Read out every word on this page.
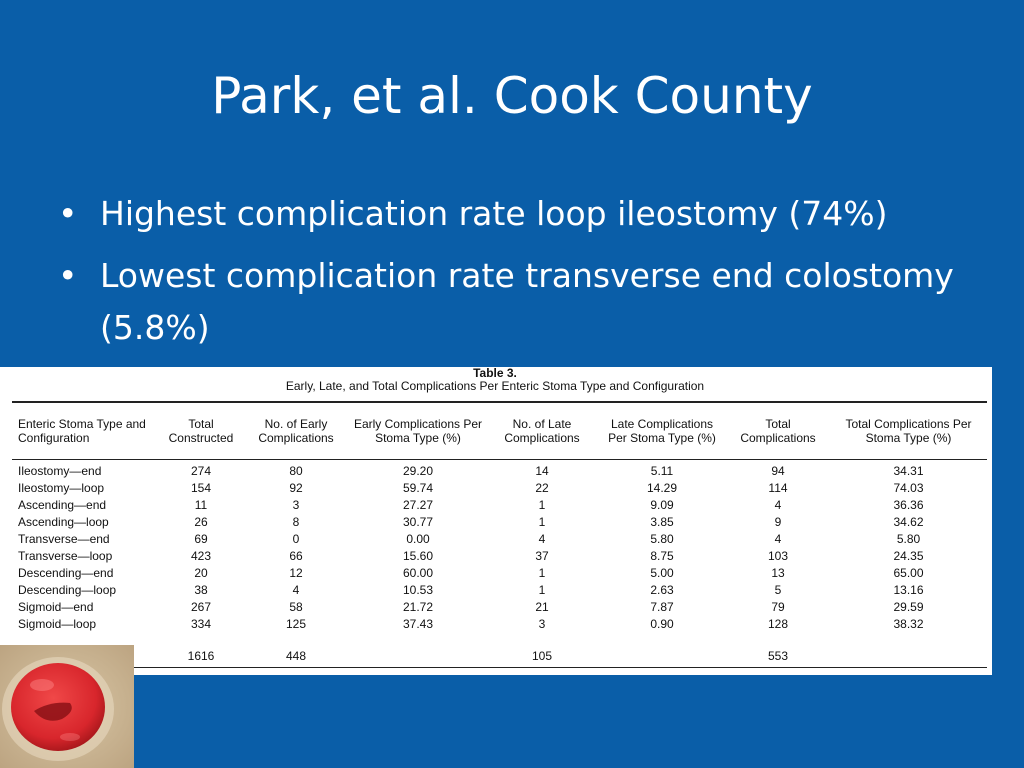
Park, et al. Cook County
• Highest complication rate loop ileostomy (74%)
• Lowest complication rate transverse end colostomy (5.8%)
Table 3.
Early, Late, and Total Complications Per Enteric Stoma Type and Configuration
Enteric Stoma Type and Configuration	Total Constructed	No. of Early Complications	Early Complications Per Stoma Type (%)	No. of Late Complications	Late Complications Per Stoma Type (%)	Total Complications	Total Complications Per Stoma Type (%)
Ileostomy—end	274	80	29.20	14	5.11	94	34.31
Ileostomy—loop	154	92	59.74	22	14.29	114	74.03
Ascending—end	11	3	27.27	1	9.09	4	36.36
Ascending—loop	26	8	30.77	1	3.85	9	34.62
Transverse—end	69	0	0.00	4	5.80	4	5.80
Transverse—loop	423	66	15.60	37	8.75	103	24.35
Descending—end	20	12	60.00	1	5.00	13	65.00
Descending—loop	38	4	10.53	1	2.63	5	13.16
Sigmoid—end	267	58	21.72	21	7.87	79	29.59
Sigmoid—loop	334	125	37.43	3	0.90	128	38.32

	1616	448		105		553	
